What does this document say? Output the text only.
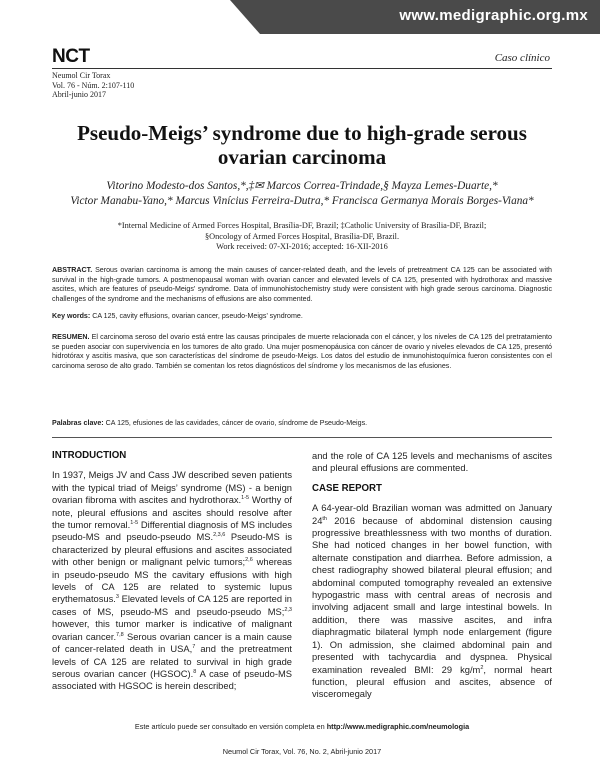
www.medigraphic.org.mx
NCT	Caso clínico
Neumol Cir Torax
Vol. 76 - Núm. 2:107-110
Abril-junio 2017
Pseudo-Meigs’ syndrome due to high-grade serous
ovarian carcinoma
Vitorino Modesto-dos Santos,*,‡✉ Marcos Correa-Trindade,§ Mayza Lemes-Duarte,*
Victor Manabu-Yano,* Marcus Vinícius Ferreira-Dutra,* Francisca Germanya Morais Borges-Viana*
*Internal Medicine of Armed Forces Hospital, Brasília-DF, Brazil; ‡Catholic University of Brasília-DF, Brazil;
§Oncology of Armed Forces Hospital, Brasília-DF, Brazil.
Work received: 07-XI-2016; accepted: 16-XII-2016
ABSTRACT. Serous ovarian carcinoma is among the main causes of cancer-related death, and the levels of pretreatment CA 125 can be associated with survival in the high-grade tumors. A postmenopausal woman with ovarian cancer and elevated levels of CA 125, presented with hydrothorax and massive ascites, which are features of pseudo-Meigs’ syndrome. Data of immunohistochemistry study were consistent with high grade serous carcinoma. Diagnostic challenges of the syndrome and the mechanisms of effusions are also commented.
Key words: CA 125, cavity effusions, ovarian cancer, pseudo-Meigs’ syndrome.
RESUMEN. El carcinoma seroso del ovario está entre las causas principales de muerte relacionada con el cáncer, y los niveles de CA 125 del pretratamiento se pueden asociar con supervivencia en los tumores de alto grado. Una mujer posmenopáusica con cáncer de ovario y niveles elevados de CA 125, presentó hidrotórax y ascitis masiva, que son características del síndrome de pseudo-Meigs. Los datos del estudio de inmunohistoquímica fueron consistentes con el carcinoma seroso de alto grado. También se comentan los retos diagnósticos del síndrome y los mecanismos de las efusiones.
Palabras clave: CA 125, efusiones de las cavidades, cáncer de ovario, síndrome de Pseudo-Meigs.
INTRODUCTION

In 1937, Meigs JV and Cass JW described seven patients with the typical triad of Meigs’ syndrome (MS) - a benign ovarian fibroma with ascites and hydrothorax.$^{1-5}$ Worthy of note, pleural effusions and ascites should resolve after the tumor removal.$^{1-5}$ Differential diagnosis of MS includes pseudo-MS and pseudo-pseudo MS.$^{2,3,6}$ Pseudo-MS is characterized by pleural effusions and ascites associated with other benign or malignant pelvic tumors;$^{2,6}$ whereas in pseudo-pseudo MS the cavitary effusions with high levels of CA 125 are related to systemic lupus erythematosus.$^3$ Elevated levels of CA 125 are reported in cases of MS, pseudo-MS and pseudo-pseudo MS;$^{2,3}$ however, this tumor marker is indicative of malignant ovarian cancer.$^{7,8}$ Serous ovarian cancer is a main cause of cancer-related death in USA,$^7$ and the pretreatment levels of CA 125 are related to survival in high grade serous ovarian cancer (HGSOC).$^8$ A case of pseudo-MS associated with HGSOC is herein described;

and the role of CA 125 levels and mechanisms of ascites and pleural effusions are commented.

CASE REPORT

A 64-year-old Brazilian woman was admitted on January 24th 2016 because of abdominal distension causing progressive breathlessness with two months of duration. She had noticed changes in her bowel function, with alternate constipation and diarrhea. Before admission, a chest radiography showed bilateral pleural effusion; and abdominal computed tomography revealed an extensive hypogastric mass with central areas of necrosis and involving adjacent small and large intestinal bowels. In addition, there was massive ascites, and infra diaphragmatic bilateral lymph node enlargement (figure 1). On admission, she claimed abdominal pain and presented with tachycardia and dyspnea. Physical examination revealed BMI: 29 $kg/m^2$, normal heart function, pleural effusion and ascites, absence of visceromegaly

Este artículo puede ser consultado en versión completa en http://www.medigraphic.com/neumologia
Neumol Cir Torax, Vol. 76, No. 2, Abril-junio 2017
